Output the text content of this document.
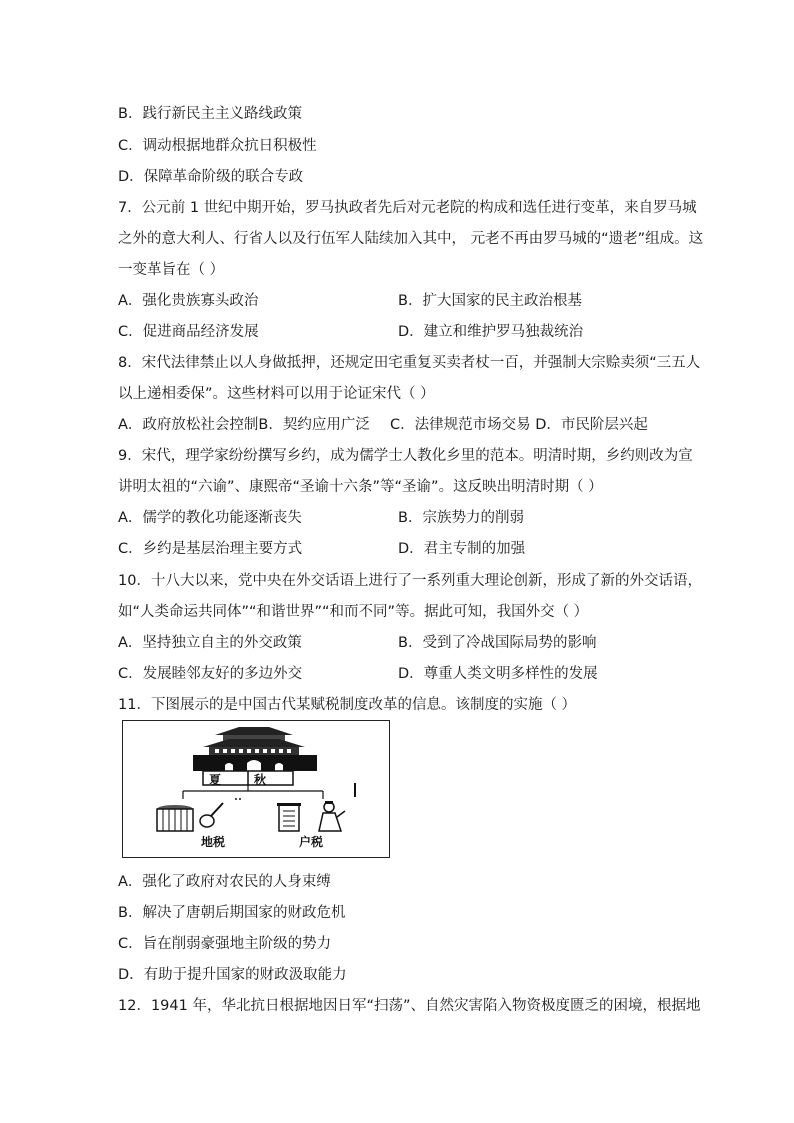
B．践行新民主主义路线政策
C．调动根据地群众抗日积极性
D．保障革命阶级的联合专政
7．公元前 1 世纪中期开始，罗马执政者先后对元老院的构成和选任进行变革，来自罗马城
之外的意大利人、行省人以及行伍军人陆续加入其中， 元老不再由罗马城的“遗老”组成。这
一变革旨在（ ）
A．强化贵族寡头政治	B．扩大国家的民主政治根基
C．促进商品经济发展	D．建立和维护罗马独裁统治
8．宋代法律禁止以人身做抵押，还规定田宅重复买卖者杖一百，并强制大宗赊卖须“三五人
以上递相委保”。这些材料可以用于论证宋代（ ）
A．政府放松社会控制B．契约应用广泛 C．法律规范市场交易 D．市民阶层兴起
9．宋代，理学家纷纷撰写乡约，成为儒学士人教化乡里的范本。明清时期，乡约则改为宣
讲明太祖的“六谕”、康熙帝“圣谕十六条”等“圣谕”。这反映出明清时期（ ）
A．儒学的教化功能逐渐丧失	B．宗族势力的削弱
C．乡约是基层治理主要方式	D．君主专制的加强
10．十八大以来，党中央在外交话语上进行了一系列重大理论创新，形成了新的外交话语，
如“人类命运共同体”“和谐世界”“和而不同”等。据此可知，我国外交（ ）
A．坚持独立自主的外交政策	B．受到了冷战国际局势的影响
C．发展睦邻友好的多边外交	D．尊重人类文明多样性的发展
11．下图展示的是中国古代某赋税制度改革的信息。该制度的实施（ ）
夏	秋
地税	户税
A．强化了政府对农民的人身束缚
B．解决了唐朝后期国家的财政危机
C．旨在削弱豪强地主阶级的势力
D．有助于提升国家的财政汲取能力
12．1941 年，华北抗日根据地因日军“扫荡”、自然灾害陷入物资极度匮乏的困境，根据地
